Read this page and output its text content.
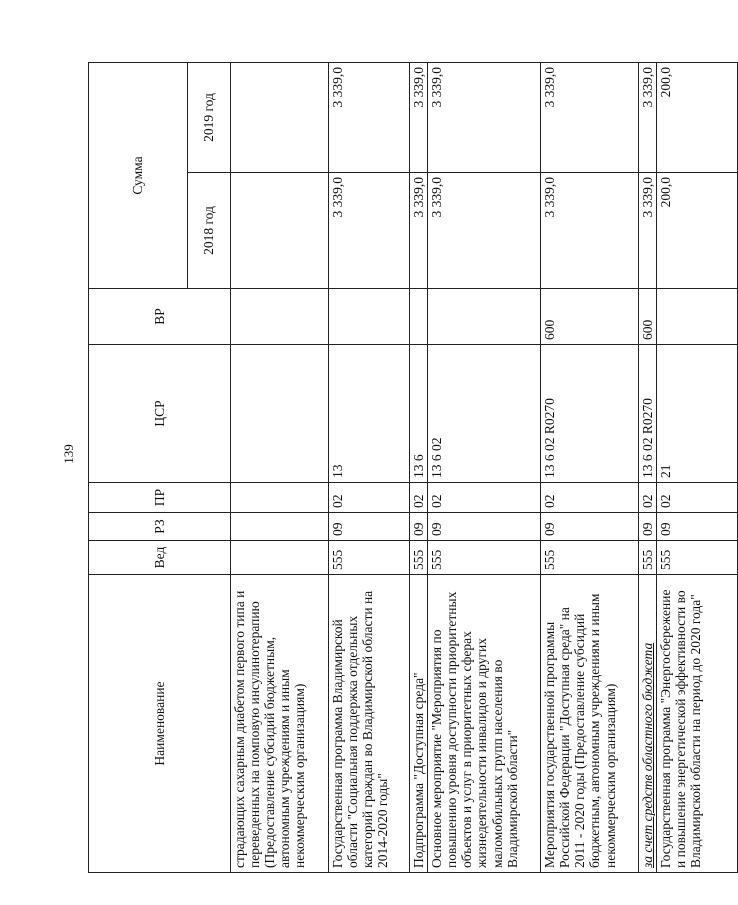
139
Наименование	Вед	РЗ	ПР	ЦСР	ВР	Сумма	
						2018 год	2019 год
страдающих сахарным диабетом первого типа и переведенных на помповую инсулинотерапию (Предоставление субсидий бюджетным, автономным учреждениям и иным некоммерческим организациям)							
Государственная программа Владимирской области "Социальная поддержка отдельных категорий граждан во Владимирской области на 2014-2020 годы"	555	09	02	13		3 339,0	3 339,0
Подпрограмма "Доступная среда"	555	09	02	13 6		3 339,0	3 339,0
Основное мероприятие "Мероприятия по повышению уровня доступности приоритетных объектов и услуг в приоритетных сферах жизнедеятельности инвалидов и других маломобильных групп населения во Владимирской области"	555	09	02	13 6 02		3 339,0	3 339,0
Мероприятия государственной программы Российской Федерации "Доступная среда" на 2011 - 2020 годы (Предоставление субсидий бюджетным, автономным учреждениям и иным некоммерческим организациям)	555	09	02	13 6 02 R0270	600	3 339,0	3 339,0
за счет средств областного бюджета	555	09	02	13 6 02 R0270	600	3 339,0	3 339,0
Государственная программа "Энергосбережение и повышение энергетической эффективности во Владимирской области на период до 2020 года"	555	09	02	21		200,0	200,0
